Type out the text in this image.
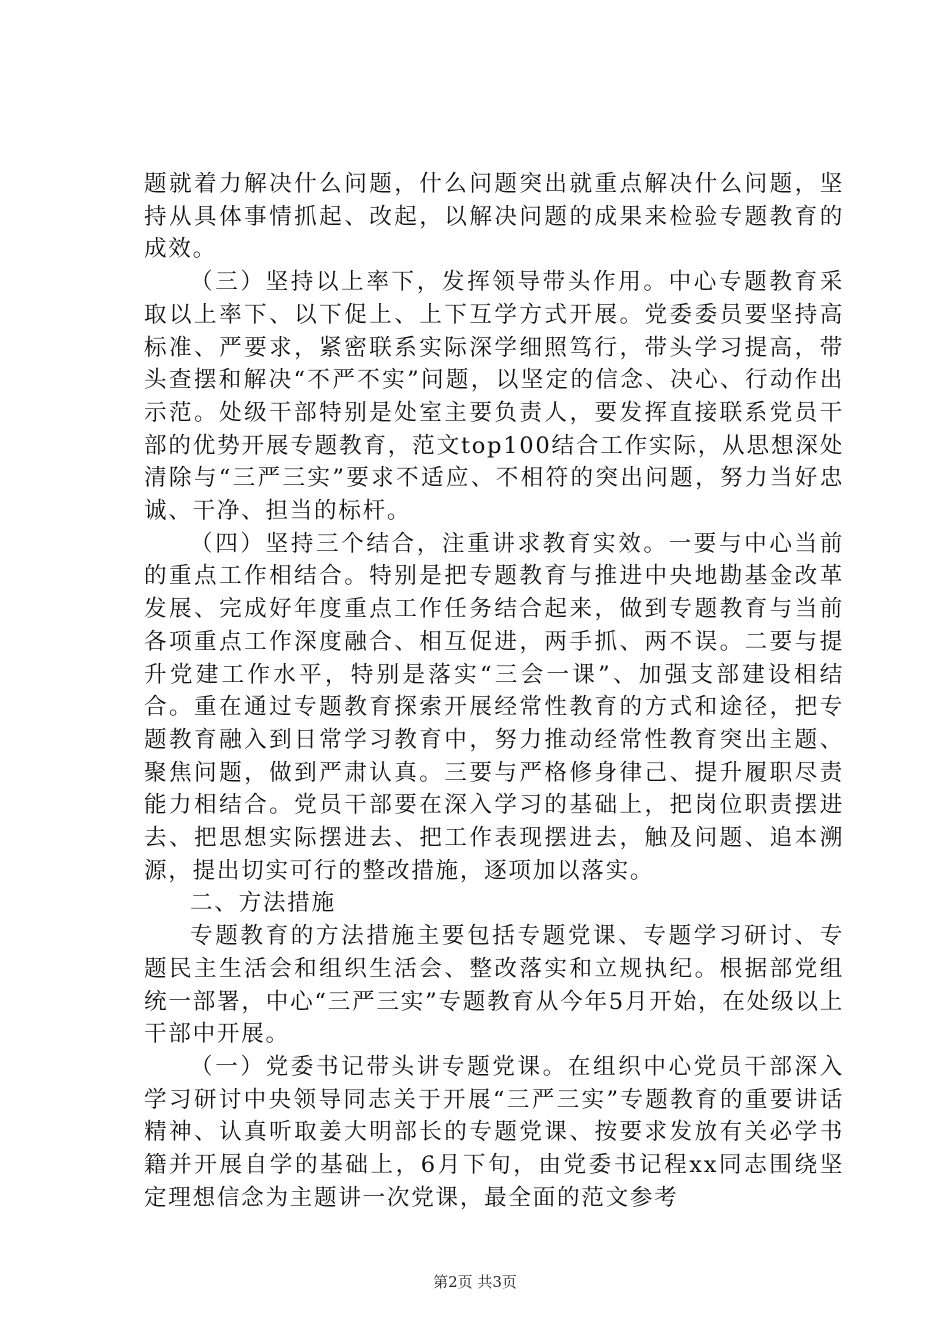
题就着力解决什么问题，什么问题突出就重点解决什么问题，坚持从具体事情抓起、改起，以解决问题的成果来检验专题教育的成效。

（三）坚持以上率下，发挥领导带头作用。中心专题教育采取以上率下、以下促上、上下互学方式开展。党委委员要坚持高标准、严要求，紧密联系实际深学细照笃行，带头学习提高，带头查摆和解决“不严不实”问题，以坚定的信念、决心、行动作出示范。处级干部特别是处室主要负责人，要发挥直接联系党员干部的优势开展专题教育，范文top100结合工作实际，从思想深处清除与“三严三实”要求不适应、不相符的突出问题，努力当好忠诚、干净、担当的标杆。

（四）坚持三个结合，注重讲求教育实效。一要与中心当前的重点工作相结合。特别是把专题教育与推进中央地勘基金改革发展、完成好年度重点工作任务结合起来，做到专题教育与当前各项重点工作深度融合、相互促进，两手抓、两不误。二要与提升党建工作水平，特别是落实“三会一课”、加强支部建设相结合。重在通过专题教育探索开展经常性教育的方式和途径，把专题教育融入到日常学习教育中，努力推动经常性教育突出主题、聚焦问题，做到严肃认真。三要与严格修身律己、提升履职尽责能力相结合。党员干部要在深入学习的基础上，把岗位职责摆进去、把思想实际摆进去、把工作表现摆进去，触及问题、追本溯源，提出切实可行的整改措施，逐项加以落实。

二、方法措施

专题教育的方法措施主要包括专题党课、专题学习研讨、专题民主生活会和组织生活会、整改落实和立规执纪。根据部党组统一部署，中心“三严三实”专题教育从今年5月开始，在处级以上干部中开展。

（一）党委书记带头讲专题党课。在组织中心党员干部深入学习研讨中央领导同志关于开展“三严三实”专题教育的重要讲话精神、认真听取姜大明部长的专题党课、按要求发放有关必学书籍并开展自学的基础上，6月下旬，由党委书记程xx同志围绕坚定理想信念为主题讲一次党课，最全面的范文参考

第2页 共3页
